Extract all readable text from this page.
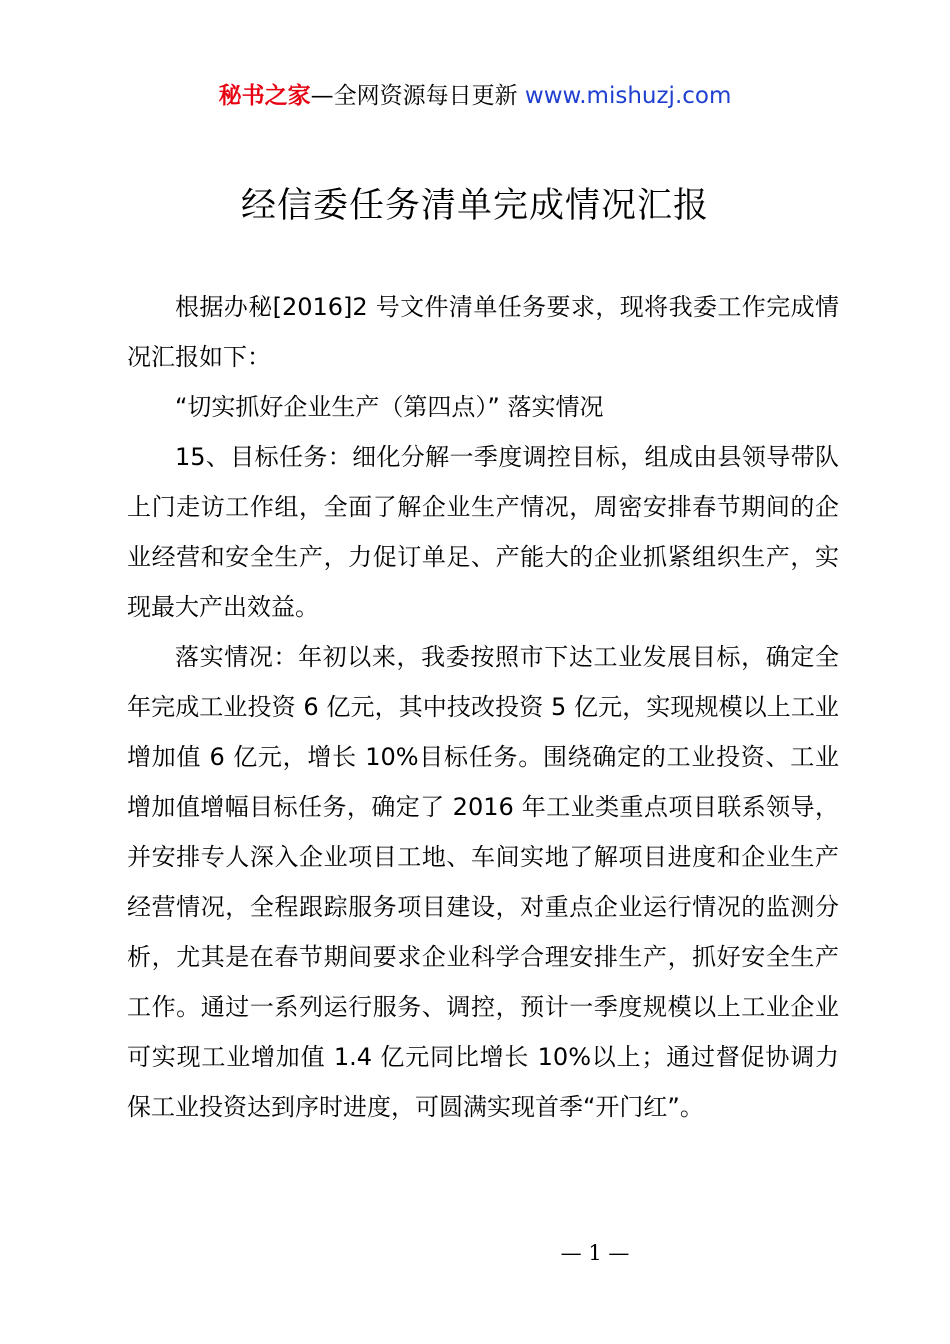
秘书之家—全网资源每日更新 www.mishuzj.com
经信委任务清单完成情况汇报

根据办秘[2016]2 号文件清单任务要求，现将我委工作完成情况汇报如下：

“切实抓好企业生产（第四点）” 落实情况

15、目标任务：细化分解一季度调控目标，组成由县领导带队上门走访工作组，全面了解企业生产情况，周密安排春节期间的企业经营和安全生产，力促订单足、产能大的企业抓紧组织生产，实现最大产出效益。

落实情况：年初以来，我委按照市下达工业发展目标，确定全年完成工业投资 6 亿元，其中技改投资 5 亿元，实现规模以上工业增加值 6 亿元，增长 10%目标任务。围绕确定的工业投资、工业增加值增幅目标任务，确定了 2016 年工业类重点项目联系领导，并安排专人深入企业项目工地、车间实地了解项目进度和企业生产经营情况，全程跟踪服务项目建设，对重点企业运行情况的监测分析，尤其是在春节期间要求企业科学合理安排生产，抓好安全生产工作。通过一系列运行服务、调控，预计一季度规模以上工业企业可实现工业增加值 1.4 亿元同比增长 10%以上；通过督促协调力保工业投资达到序时进度，可圆满实现首季“开门红”。

— 1 —
